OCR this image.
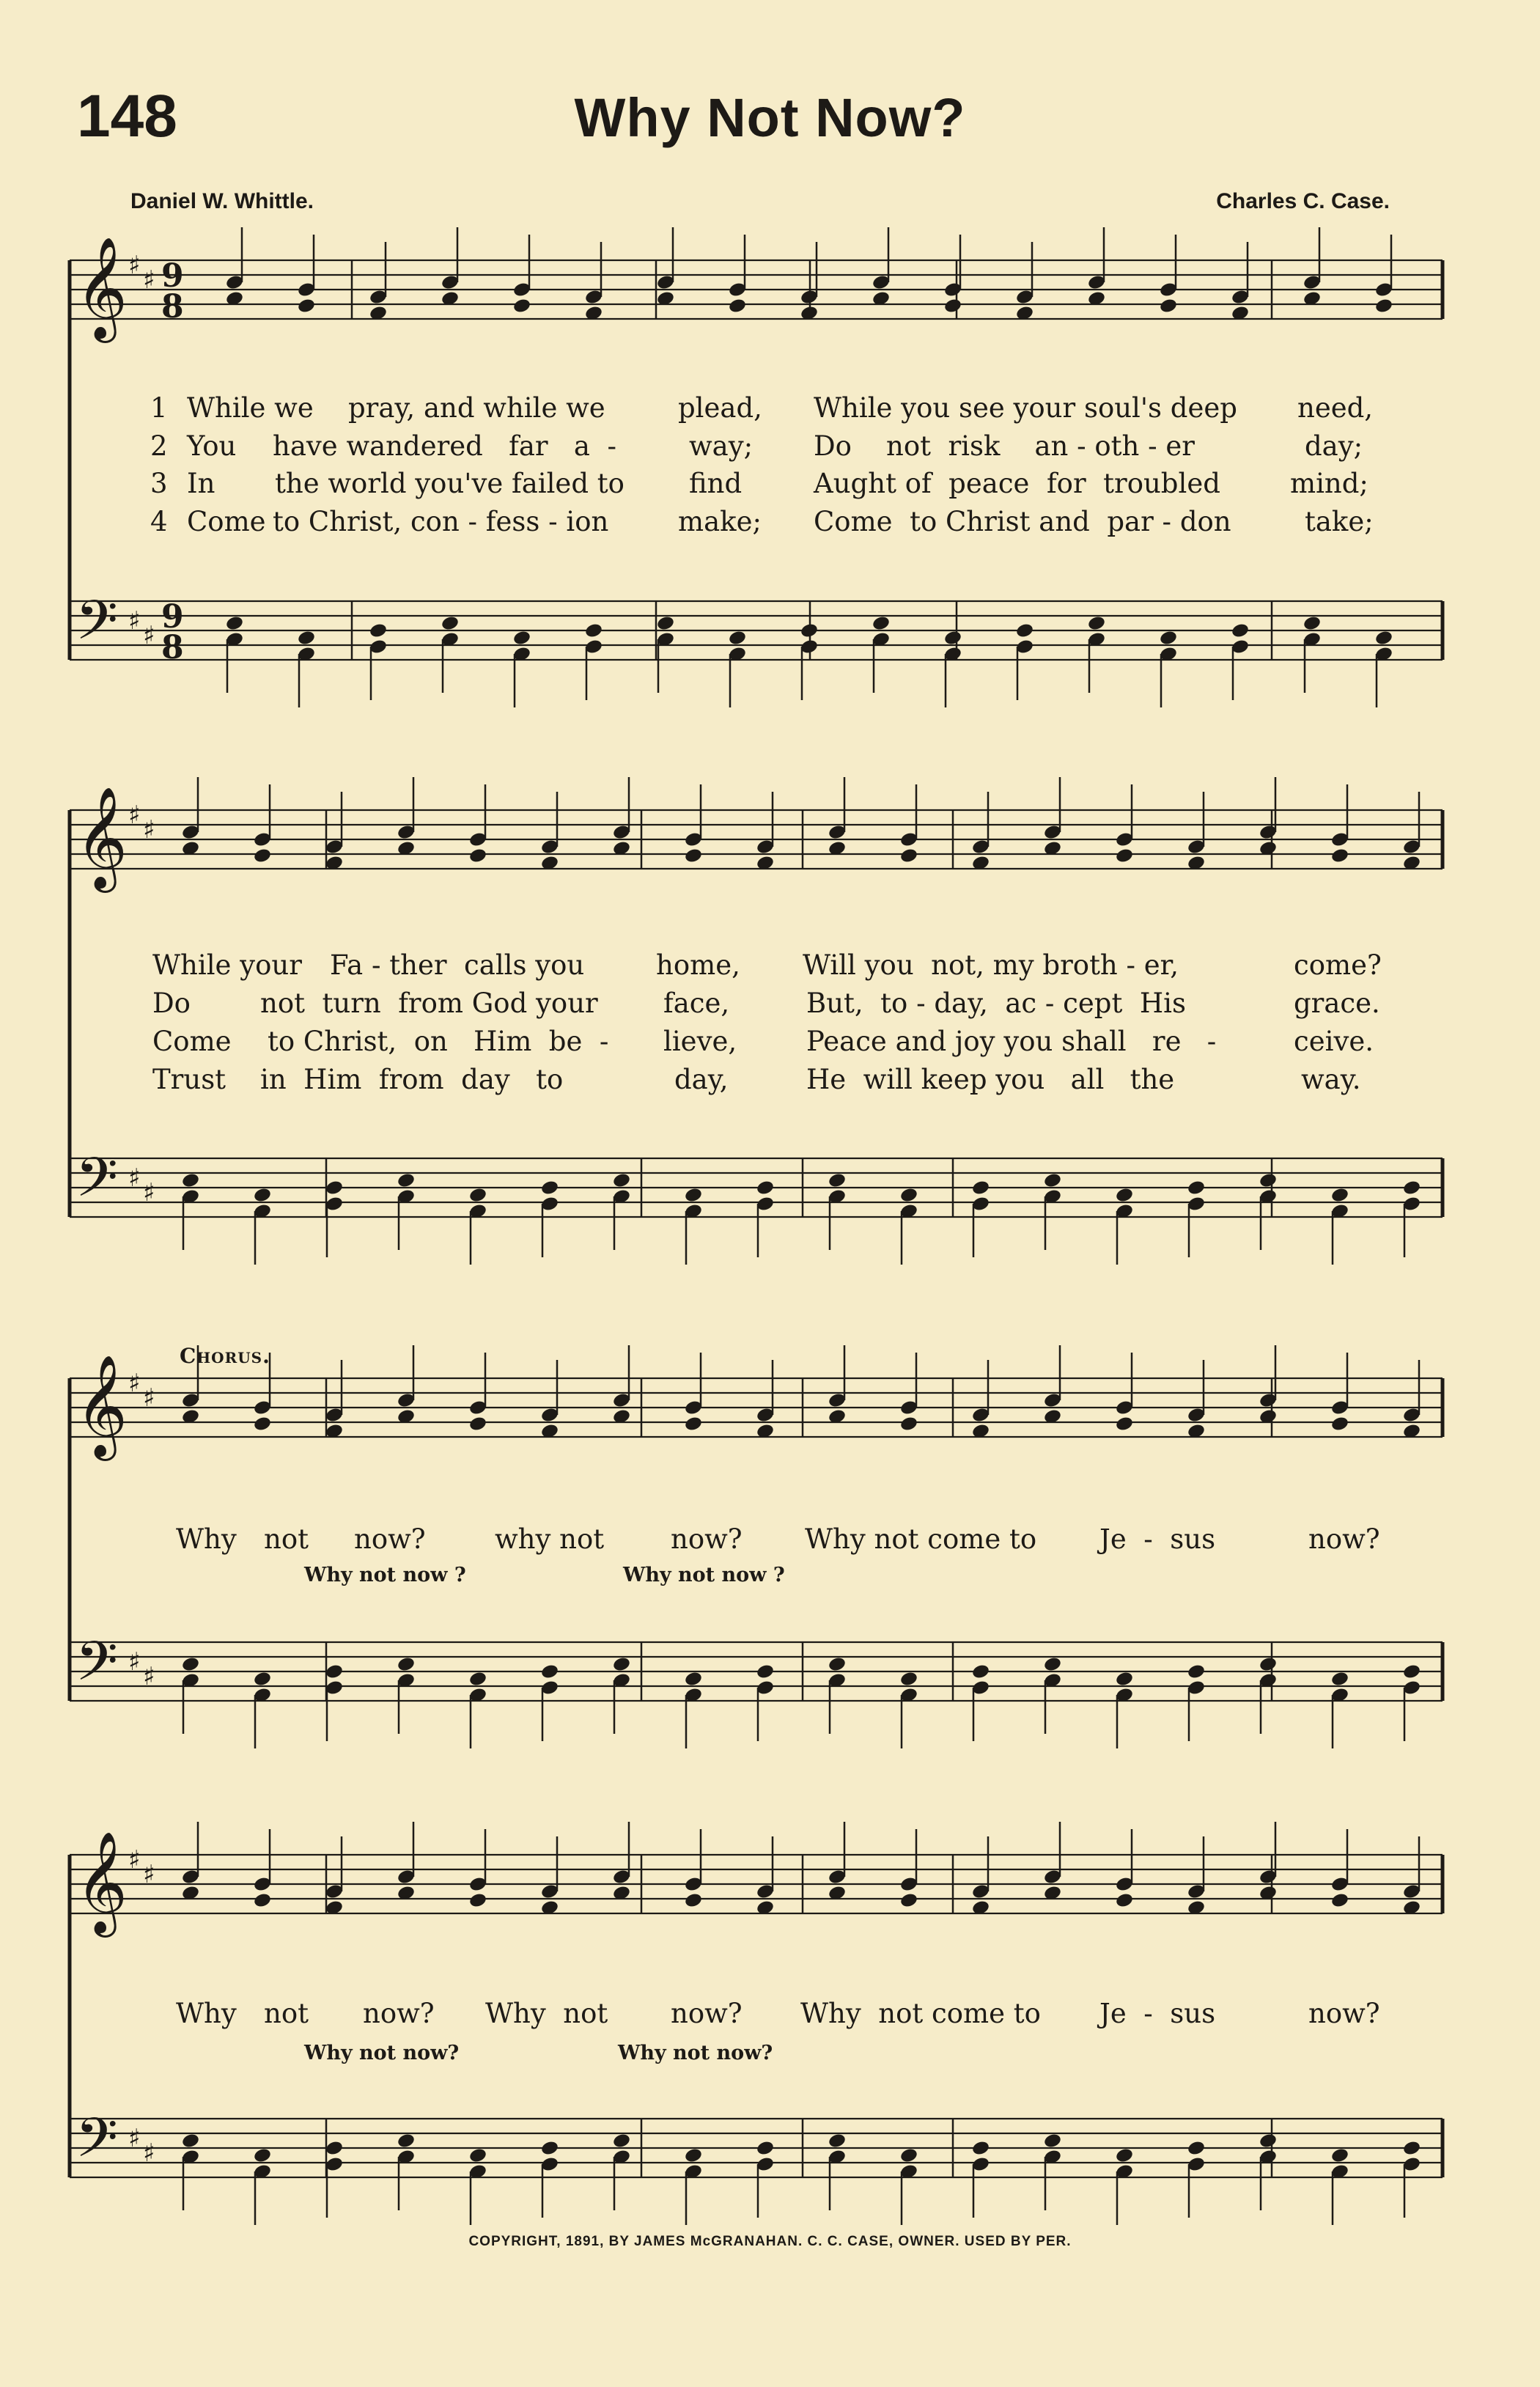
148	Why Not Now?
Daniel W. Whittle.	Charles C. Case.
𝄞 ♯ ♯ 9
8
𝄢 ♯ ♯ 9
8
𝄞 ♯ ♯
𝄢 ♯ ♯
𝄞 ♯ ♯
𝄢 ♯ ♯
𝄞 ♯ ♯
𝄢 ♯ ♯
1 While we pray, and while we	plead, While you see your soul's deep need,
2 You have wandered   far   a  -	way; Do    not  risk    an - oth - er	day;
3 In the world you've failed to find	Aught of  peace  for  troubled	mind;
4 Come to Christ, con - fess - ion	make; Come  to Christ and  par - don	take;
While your Fa - ther  calls you	home, Will you  not, my broth - er,	come?
Do	not  turn  from God your face,	But,  to - day,  ac - cept  His	grace.
Come to Christ,  on   Him  be  - lieve,	Peace and joy you shall   re   -	ceive.
Trust in  Him  from  day   to	day,	He  will keep you   all   the	way.
Chorus.
Why not now?	why not now? Why not come to Je  -  sus	now?
Why not now ?	Why not now ?
Why not now? Why  not now? Why  not come to Je  -  sus	now?
Why not now?	Why not now?
COPYRIGHT, 1891, BY JAMES McGRANAHAN. C. C. CASE, OWNER. USED BY PER.
